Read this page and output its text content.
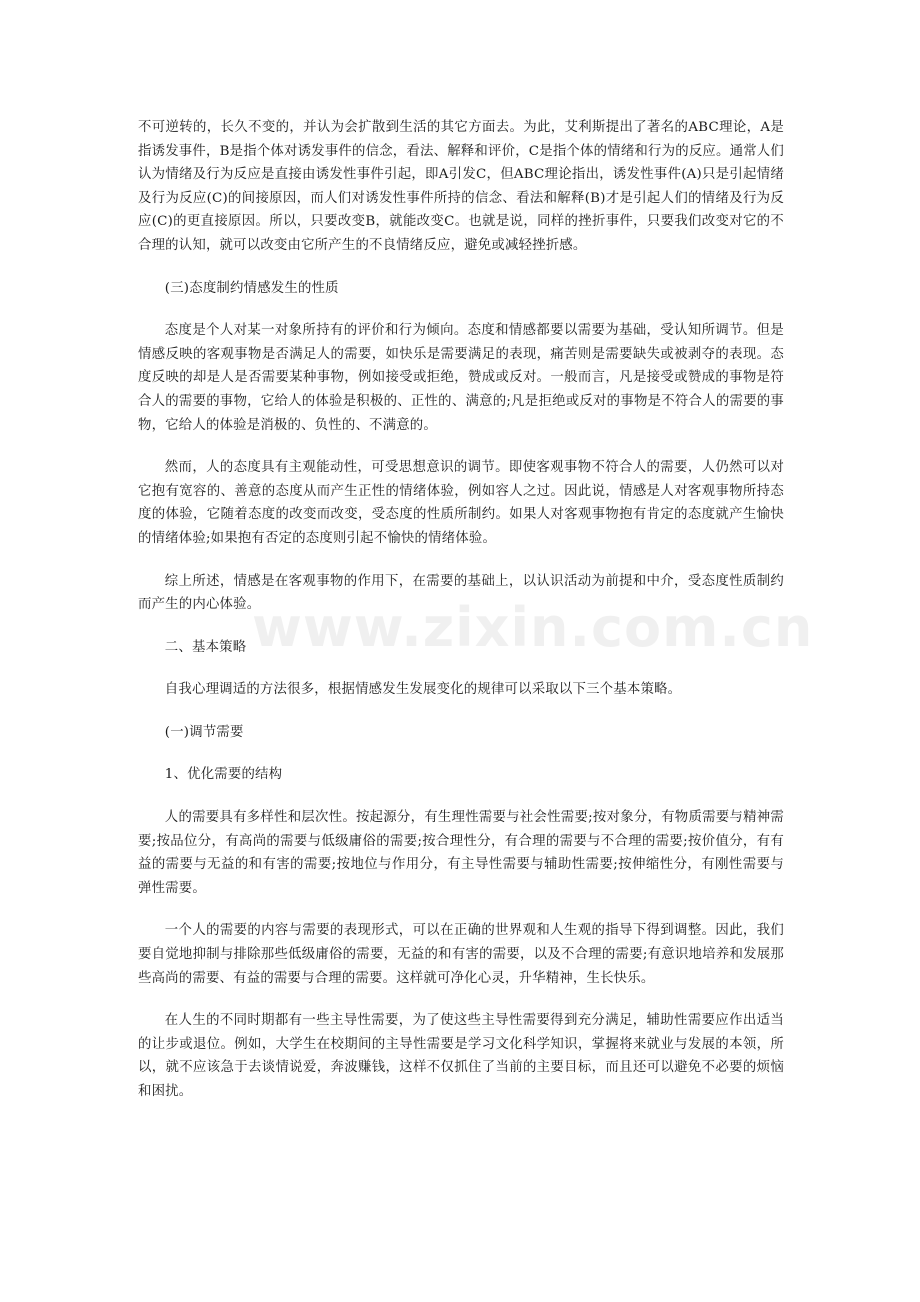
不可逆转的，长久不变的，并认为会扩散到生活的其它方面去。为此，艾利斯提出了著名的ABC理论，A是指诱发事件，B是指个体对诱发事件的信念，看法、解释和评价，C是指个体的情绪和行为的反应。通常人们认为情绪及行为反应是直接由诱发性事件引起，即A引发C，但ABC理论指出，诱发性事件(A)只是引起情绪及行为反应(C)的间接原因，而人们对诱发性事件所持的信念、看法和解释(B)才是引起人们的情绪及行为反应(C)的更直接原因。所以，只要改变B，就能改变C。也就是说，同样的挫折事件，只要我们改变对它的不合理的认知，就可以改变由它所产生的不良情绪反应，避免或减轻挫折感。

(三)态度制约情感发生的性质

态度是个人对某一对象所持有的评价和行为倾向。态度和情感都要以需要为基础，受认知所调节。但是情感反映的客观事物是否满足人的需要，如快乐是需要满足的表现，痛苦则是需要缺失或被剥夺的表现。态度反映的却是人是否需要某种事物，例如接受或拒绝，赞成或反对。一般而言，凡是接受或赞成的事物是符合人的需要的事物，它给人的体验是积极的、正性的、满意的;凡是拒绝或反对的事物是不符合人的需要的事物，它给人的体验是消极的、负性的、不满意的。

然而，人的态度具有主观能动性，可受思想意识的调节。即使客观事物不符合人的需要，人仍然可以对它抱有宽容的、善意的态度从而产生正性的情绪体验，例如容人之过。因此说，情感是人对客观事物所持态度的体验，它随着态度的改变而改变，受态度的性质所制约。如果人对客观事物抱有肯定的态度就产生愉快的情绪体验;如果抱有否定的态度则引起不愉快的情绪体验。

综上所述，情感是在客观事物的作用下，在需要的基础上，以认识活动为前提和中介，受态度性质制约而产生的内心体验。

二、基本策略

自我心理调适的方法很多，根据情感发生发展变化的规律可以采取以下三个基本策略。

(一)调节需要

1、优化需要的结构

人的需要具有多样性和层次性。按起源分，有生理性需要与社会性需要;按对象分，有物质需要与精神需要;按品位分，有高尚的需要与低级庸俗的需要;按合理性分，有合理的需要与不合理的需要;按价值分，有有益的需要与无益的和有害的需要;按地位与作用分，有主导性需要与辅助性需要;按伸缩性分，有刚性需要与弹性需要。

一个人的需要的内容与需要的表现形式，可以在正确的世界观和人生观的指导下得到调整。因此，我们要自觉地抑制与排除那些低级庸俗的需要，无益的和有害的需要，以及不合理的需要;有意识地培养和发展那些高尚的需要、有益的需要与合理的需要。这样就可净化心灵，升华精神，生长快乐。

在人生的不同时期都有一些主导性需要，为了使这些主导性需要得到充分满足，辅助性需要应作出适当的让步或退位。例如，大学生在校期间的主导性需要是学习文化科学知识，掌握将来就业与发展的本领，所以，就不应该急于去谈情说爱，奔波赚钱，这样不仅抓住了当前的主要目标，而且还可以避免不必要的烦恼和困扰。

www.zixin.com.cn
